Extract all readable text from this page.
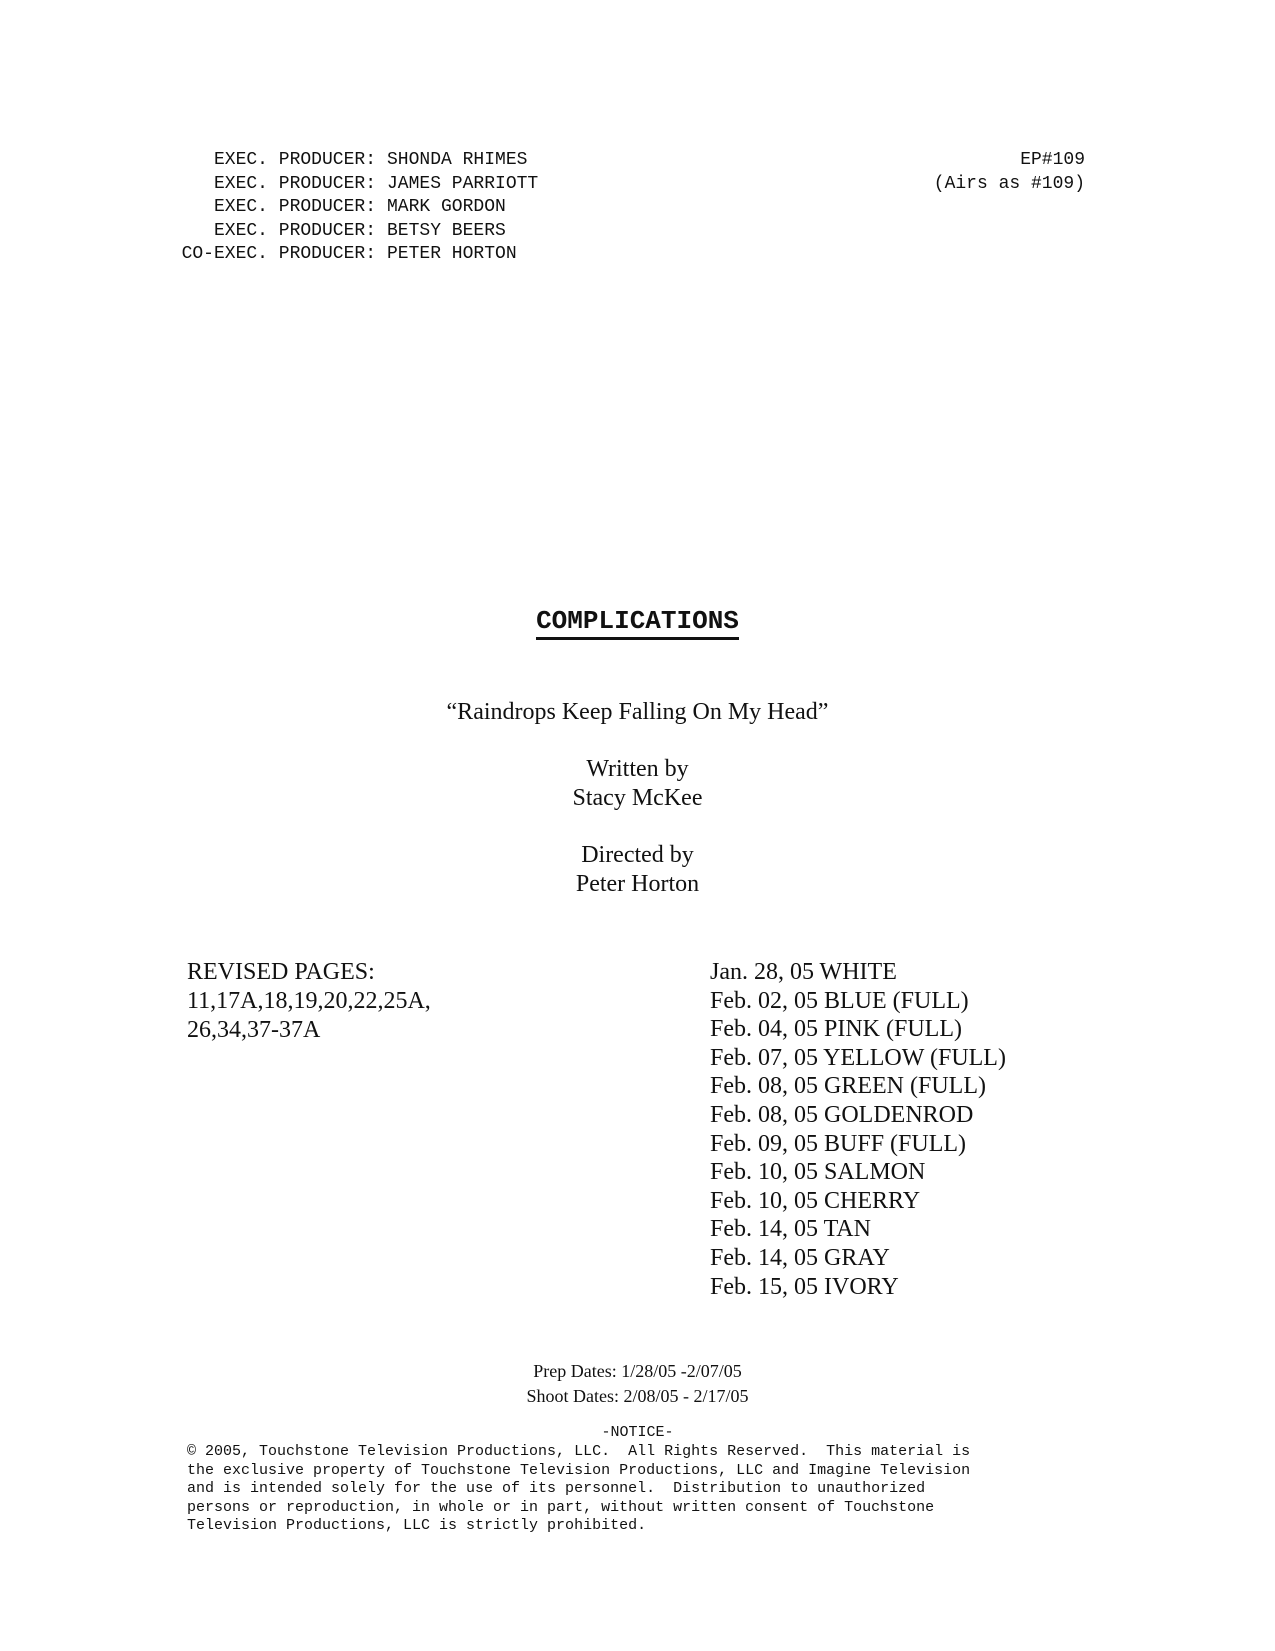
EXEC. PRODUCER: SHONDA RHIMES
EXEC. PRODUCER: JAMES PARRIOTT
EXEC. PRODUCER: MARK GORDON
EXEC. PRODUCER: BETSY BEERS
CO-EXEC. PRODUCER: PETER HORTON
EP#109
(Airs as #109)
COMPLICATIONS
“Raindrops Keep Falling On My Head”
Written by
Stacy McKee
Directed by
Peter Horton
REVISED PAGES:
11,17A,18,19,20,22,25A,
26,34,37-37A
Jan. 28, 05 WHITE
Feb. 02, 05 BLUE (FULL)
Feb. 04, 05 PINK (FULL)
Feb. 07, 05 YELLOW (FULL)
Feb. 08, 05 GREEN (FULL)
Feb. 08, 05 GOLDENROD
Feb. 09, 05 BUFF (FULL)
Feb. 10, 05 SALMON
Feb. 10, 05 CHERRY
Feb. 14, 05 TAN
Feb. 14, 05 GRAY
Feb. 15, 05 IVORY
Prep Dates: 1/28/05 -2/07/05
Shoot Dates: 2/08/05 - 2/17/05
-NOTICE-
© 2005, Touchstone Television Productions, LLC.  All Rights Reserved.  This material is
the exclusive property of Touchstone Television Productions, LLC and Imagine Television
and is intended solely for the use of its personnel.  Distribution to unauthorized
persons or reproduction, in whole or in part, without written consent of Touchstone
Television Productions, LLC is strictly prohibited.
